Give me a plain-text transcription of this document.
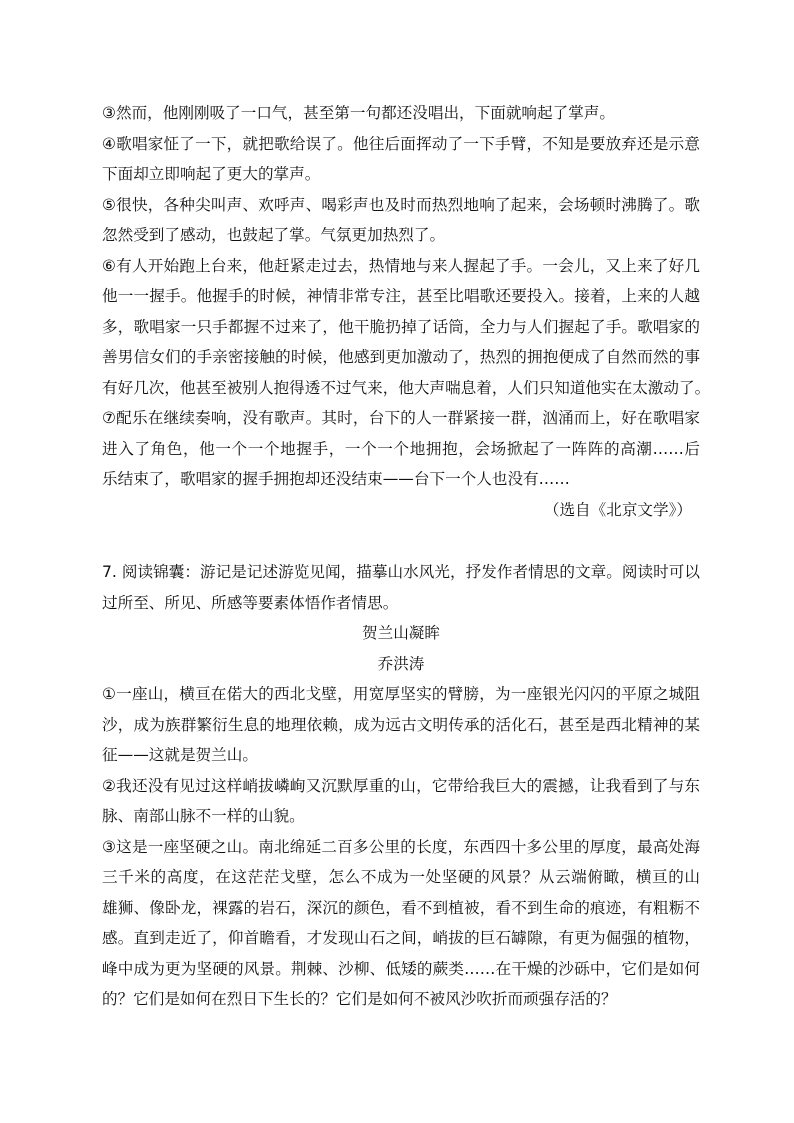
③然而，他刚刚吸了一口气，甚至第一句都还没唱出，下面就响起了掌声。

④歌唱家怔了一下，就把歌给误了。他往后面挥动了一下手臂，不知是要放弃还是示意

下面却立即响起了更大的掌声。

⑤很快，各种尖叫声、欢呼声、喝彩声也及时而热烈地响了起来，会场顿时沸腾了。歌

忽然受到了感动，也鼓起了掌。气氛更加热烈了。

⑥有人开始跑上台来，他赶紧走过去，热情地与来人握起了手。一会儿，又上来了好几

他一一握手。他握手的时候，神情非常专注，甚至比唱歌还要投入。接着，上来的人越

多，歌唱家一只手都握不过来了，他干脆扔掉了话筒，全力与人们握起了手。歌唱家的

善男信女们的手亲密接触的时候，他感到更加激动了，热烈的拥抱便成了自然而然的事

有好几次，他甚至被别人抱得透不过气来，他大声喘息着，人们只知道他实在太激动了。

⑦配乐在继续奏响，没有歌声。其时，台下的人一群紧接一群，汹涌而上，好在歌唱家

进入了角色，他一个一个地握手，一个一个地拥抱，会场掀起了一阵阵的高潮……后

乐结束了，歌唱家的握手拥抱却还没结束——台下一个人也没有……

（选自《北京文学》）

7. 阅读锦囊：游记是记述游览见闻，描摹山水风光，抒发作者情思的文章。阅读时可以

过所至、所见、所感等要素体悟作者情思。

贺兰山凝眸

乔洪涛

①一座山，横亘在偌大的西北戈壁，用宽厚坚实的臂膀，为一座银光闪闪的平原之城阻

沙，成为族群繁衍生息的地理依赖，成为远古文明传承的活化石，甚至是西北精神的某

征——这就是贺兰山。

②我还没有见过这样峭拔嶙峋又沉默厚重的山，它带给我巨大的震撼，让我看到了与东

脉、南部山脉不一样的山貌。

③这是一座坚硬之山。南北绵延二百多公里的长度，东西四十多公里的厚度，最高处海

三千米的高度，在这茫茫戈壁，怎么不成为一处坚硬的风景？从云端俯瞰，横亘的山

雄狮、像卧龙，裸露的岩石，深沉的颜色，看不到植被，看不到生命的痕迹，有粗粝不

感。直到走近了，仰首瞻看，才发现山石之间，峭拔的巨石罅隙，有更为倔强的植物，

峰中成为更为坚硬的风景。荆棘、沙柳、低矮的蕨类……在干燥的沙砾中，它们是如何

的？它们是如何在烈日下生长的？它们是如何不被风沙吹折而顽强存活的？
